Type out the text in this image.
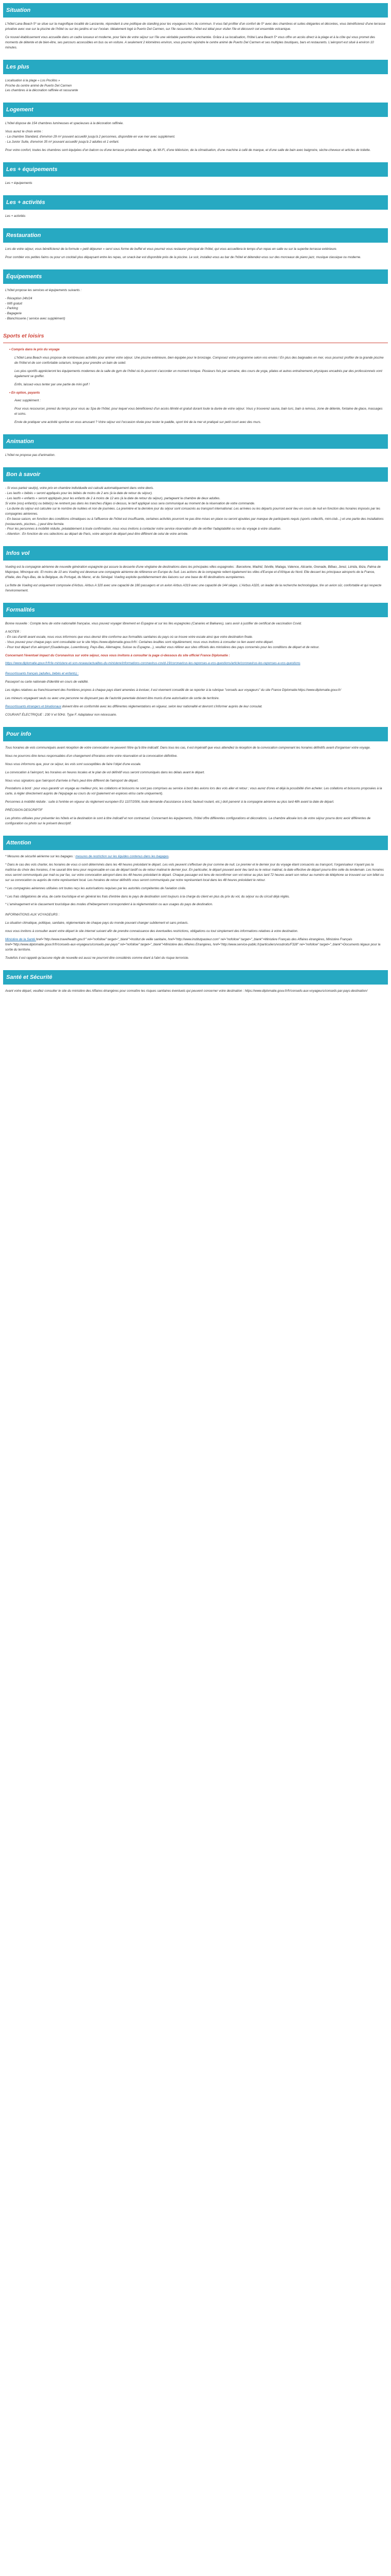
Situation

L'hôtel Lana Beach 5* se situe sur la magnifique localité de Lanzarote, répondant à une politique de standing pour les voyageurs hors du commun. Il vous fait profiter d'un confort de 5* avec des chambres et suites élégantes et décorées, vous bénéficierez d'une terrasse privative avec vue sur la piscine de l'hôtel ou sur les jardins et sur l'océan. Idéalement logé à Puerto Del Carmen, sur l'île rassurante, l'hôtel est idéal pour visiter l'île et découvrir cet ensemble volcanique.

Ce nouvel établissement vous accueille dans un cadre luxueux et moderne, pour faire de votre séjour sur l'île une véritable parenthèse enchantée. Grâce à sa localisation, l'hôtel Lana Beach 5* vous offre un accès direct à la plage et à la côte qui vous promet des moments de détente et de bien-être, ses parcours accessibles en bus ou en voiture. A seulement 2 kilomètres environ, vous pourrez rejoindre le centre animé de Puerto Del Carmen et ses multiples boutiques, bars et restaurants. L'aéroport est situé à environ 10 minutes.

Les plus

Localisation à la plage « Los Pocillos »

Proche du centre animé de Puerto Del Carmen

Les chambres à la décoration raffinée et rassurante

Logement

L'hôtel dispose de 154 chambres lumineuses et spacieuses à la décoration raffinée.

Vous aurez le choix entre :

- La chambre Standard, d'environ 29 m² pouvant accueillir jusqu'à 2 personnes, disponible en vue mer avec supplément.

- La Junior Suite, d'environ 35 m² pouvant accueillir jusqu'à 2 adultes et 1 enfant.

Pour votre confort, toutes les chambres sont équipées d'un balcon ou d'une terrasse privative aménagé, du Wi-Fi, d'une télévision, de la climatisation, d'une machine à café de marque, et d'une salle de bain avec baignoire, sèche-cheveux et articles de toilette.

Les + équipements

Les + équipements

Les + activités

Les + activités

Restauration

Lors de votre séjour, vous bénéficierez de la formule « petit déjeuner » servi sous forme de buffet et vous pourrez vous restaurer principal de l'hôtel, qui vous accueillera le temps d'un repas en salle ou sur la superbe terrasse extérieure.

Pour combler vos petites faims ou pour un cocktail plus dépaysant entre les repas, un snack-bar est disponible près de la piscine. Le soir, installez-vous au bar de l'hôtel et détendez-vous sur des morceaux de piano jazz, musique classique ou moderne.

Équipements

L'hôtel propose les services et équipements suivants :

- Réception 24h/24

- Wifi gratuit

- Parking

- Bagagerie

- Blanchisserie ( service avec supplément)

Sports et loisirs

• Compris dans le prix du voyage

L'hôtel Lana Beach vous propose de nombreuses activités pour animer votre séjour. Une piscine extérieure, bien équipée pour le bronzage. Composez votre programme selon vos envies ! En plus des baignades en mer, vous pourrez profiter de la grande piscine de l'hôtel et de son confortable solarium, longue pour prendre un bain de soleil.

Les plus sportifs apprécieront les équipements modernes de la salle de gym de l'hôtel où ils pourront s'accorder un moment tonique. Plusieurs fois par semaine, des cours de yoga, pilates et autres entraînements physiques encadrés par des professionnels vont également se greffer.

Enfin, laissez-vous tenter par une partie de mini golf !

• En option, payants

Avec supplément :

Pour vous ressourcer, prenez du temps pour vous au Spa de l'hôtel, pour lequel vous bénéficierez d'un accès illimité et gratuit durant toute la durée de votre séjour. Vous y trouverez sauna, bain turc, bain à remous, zone de détente, fontaine de glace, massages et soins.

Envie de pratiquer une activité sportive en vous amusant ? Votre séjour est l'occasion rêvée pour tester le paddle, sport tiré de la mer et pratiqué sur petit court avec des murs.

Animation

L'hôtel ne propose pas d'animation.

Bon à savoir

- Si vous partez seul(e), votre prix en chambre individuelle est calculé automatiquement dans votre devis.

- Les lastfo « bébés » seront appliqués pour les bébés de moins de 2 ans (à la date de retour du séjour).

- Les lastfo « enfants » seront appliqués pour les enfants de 2 à moins de 12 ans (à la date de retour du séjour), partageant la chambre de deux adultes.

Si votre (vos) enfant(s) ou bébé(s) ne rentrent pas dans les tranches d'âges ci-dessus, le tarif appliqué sous sera communiqué au moment de la réservation de votre commande.

- La durée du séjour est calculée sur le nombre de nuitées et non de journées. La première et la dernière jour du séjour sont consacrés au transport international. Les arrivées ou les départs pourront avoir lieu en cours de nuit en fonction des horaires imposés par les compagnies aériennes.

- En basse saison, en fonction des conditions climatiques ou à l'affluence de l'hôtel est insuffisante, certaines activités pourront ne pas être mises en place ou seront ajoutées par manque de participants requis (sports collectifs, mini-club...) et une partie des installations (restaurants, piscines...) peut être fermée.

- Pour les personnes à mobilité réduite, préalablement à toute confirmation, nous vous invitons à contacter notre service réservation afin de vérifier l'adaptabilité ou non du voyage à votre situation.

- Attention : En fonction de vos sélections au départ de Paris, votre aéroport de départ peut être différent de celui de votre arrivée.

Infos vol

Vueling est la compagnie aérienne de nouvelle génération espagnole qui assure la desserte d'une vingtaine de destinations dans les principales villes espagnoles : Barcelone, Madrid, Séville, Malaga, Valence, Alicante, Grenade, Bilbao, Jerez, Lérida, Ibiza, Palma de Majorque, Minorque etc. Et moins de 10 ans Vueling est devenue une compagnie aérienne de référence en Europe du Sud. Les actions de la compagnie relient également les villes d'Europe et d'Afrique du Nord. Elle dessert les principaux aéroports de la France, d'Italie, des Pays-Bas, de la Belgique, du Portugal, du Maroc, et du Sénégal. Vueling exploite quotidiennement des liaisons sur une base de 40 destinations européennes.

La flotte de Vueling est uniquement composée d'Airbus. Airbus A 320 avec une capacité de 180 passagers et un avion Airbus A319 avec une capacité de 144 sièges. L'Airbus A320, un leader de la recherche technologique, tire un avion sûr, confortable et qui respecte l'environnement.

Formalités

Bonne nouvelle : Compte tenu de votre nationalité française, vous pouvez voyager librement en Espagne et sur les îles espagnoles (Canaries et Baléares), sans avoir à justifier de certificat de vaccination Covid.

A NOTER :

- En cas d'arrêt avant escale, nous vous informons que vous devrez être conforme aux formalités sanitaires du pays où se trouve votre escale ainsi que votre destination finale.

- Vous pouvez pour chaque pays sont consultable sur le site https://www.diplomatie.gouv.fr/fr/. Certaines lesdites sont régulièrement, nous vous invitons à consulter ce lien avant votre départ.

- Pour tout départ d'un aéroport (Guadeloupe, Luxembourg, Pays-Bas, Allemagne, Suisse ou Espagne...), veuillez vous référer aux sites officiels des ministères des pays concernés pour les conditions de départ et de retour.

Concernant l'éventuel impact du Coronavirus sur votre séjour, nous vous invitons à consulter la page ci-dessous du site officiel France Diplomatie :

https://www.diplomatie.gouv.fr/fr/le-ministere-et-son-reseau/actualites-du-ministere/informations-coronavirus-covid-19/coronavirus-les-reponses-a-vos-questions/article/coronavirus-les-reponses-a-vos-questions

Ressortissants français (adultes, bébés et enfants) :

Passeport ou carte nationale d'identité en cours de validité.

Les règles relatives au franchissement des frontières propres à chaque pays étant amenées à évoluer, il est vivement conseillé de se reporter à la rubrique "conseils aux voyageurs" du site France Diplomatie:https://www.diplomatie.gouv.fr/

Les mineurs voyageant seuls ou avec une personne ne disposant pas de l'autorité parentale doivent être munis d'une autorisation de sortie de territoire.

Ressortissants étrangers et binationaux doivent être en conformité avec les différentes réglementations en vigueur, selon leur nationalité et devront s'informer auprès de leur consulat.

COURANT ÉLECTRIQUE : 230 V et 50Hz. Type F. Adaptateur non nécessaire.

Pour info

Tous horaires de vols communiqués avant réception de votre convocation ne peuvent l'être qu'à titre indicatif. Dans tous les cas, il est impératif que vous attendiez la réception de la convocation comprenant les horaires définitifs avant d'organiser votre voyage.

Nous ne pourrons être tenus responsables d'un changement d'horaires entre votre réservation et la convocation définitive.

Nous vous informons que, pour ce séjour, les vols sont susceptibles de faire l'objet d'une escale.

La convocation à l'aéroport, les horaires en heures locales et le plan de vol définitif vous seront communiqués dans les délais avant le départ.

Nous vous signalons que l'aéroport d'arrivée à Paris peut être différent de l'aéroport de départ.

Prestations à bord : pour vous garantir un voyage au meilleur prix, les collations et boissons ne sont pas comprises au service à bord des avions lors des vols aller et retour ; vous aurez d'ores et déjà la possibilité d'en acheter. Les collations et boissons proposées à la carte, à régler directement auprès de l'équipage au cours du vol (paiement en espèces et/ou carte uniquement).

Personnes à mobilité réduite : suite à l'entrée en vigueur du règlement européen EU 1107/2006, toute demande d'assistance à bord, fauteuil roulant, etc.) doit parvenir à la compagnie aérienne au plus tard 48h avant la date de départ.

PRÉCISION DESCRIPTIF

Les photos utilisées pour présenter les hôtels et la destination le sont à titre indicatif et non contractuel. Concernant les équipements, l'hôtel offre différentes configurations et décorations. La chambre allouée lors de votre séjour pourra donc avoir différentes de configuration ou photo sur le présent descriptif.

Attention

* Mesures de sécurité aérienne sur les bagages : mesures de restriction sur les liquides contenus dans les bagages.

* Dans le cas des vols charter, les horaires de vous ci-sont déterminés dans les 48 heures précédant le départ. Les vols peuvent s'effectuer de jour comme de nuit. Le premier et le dernier jour du voyage étant consacrés au transport, l'organisateur n'ayant pas la maîtrise du choix des horaires, il ne saurait être tenu pour responsable en cas de départ tardif ou de retour matinal le dernier jour. En particulier, le départ pouvant avoir lieu tard ou le retour matinal, la date effective de départ pourra être celle du lendemain. Les horaires vous seront communiqués par mail ou par fax, sur votre convocation aéroport dans les 48 heures précédant le départ. Chaque passager est tenu de reconfirmer son vol retour au plus tard 72 heures avant son retour au numéro de téléphone se trouvant sur son billet ou sur sa convocation ou auprès de notre représentant local. Les horaires de retour définitifs vous seront communiqués par notre représentant local dans les 48 heures précédant le retour.

* Les compagnies aériennes utilisées ont toutes reçu les autorisations requises par les autorités compétentes de l'aviation civile.

* Les frais obligatoires de visa, de carte touristique et en général les frais d'entrée dans le pays de destination sont toujours à la charge du client en plus du prix du vol, du séjour ou du circuit déjà réglés.

* L'aménagement et le classement touristique des modes d'hébergement correspondent à la réglementation ou aux usages du pays de destination.

INFORMATIONS AUX VOYAGEURS :

La situation climatique, politique, sanitaire, réglementaire de chaque pays du monde pouvant changer subitement et sans préavis.

nous vous invitons à consulter avant votre départ le site internet suivant afin de prendre connaissance des éventuelles restrictions, obligations ou tout simplement des informations relatives à votre destination.

Ministère de la Santé href="http://www.travelhealth.gov.fr" rel="nofollow" target="_blank">Institut de veille sanitaire, href="http://www.institutpasteur.com" rel="nofollow" target="_blank">Ministère Français des Affaires étrangères, Ministère Français href="http://www.diplomatie.gouv.fr/fr/conseils-aux-voyageurs/conseils-par-pays/" rel="nofollow" target="_blank">Ministère des Affaires Etrangères, href="http://www.service-public.fr/particuliers/vosdroits/F328" rel="nofollow" target="_blank">Documents légaux pour la sortie du territoire.

Toutefois il est rappelé qu'aucune règle de nouvelle est aussi ne pourront être considérés comme étant à l'abri du risque terroriste.

Santé et Sécurité

Avant votre départ, veuillez consulter le site du ministère des Affaires étrangères pour connaître les risques sanitaires éventuels qui peuvent concerner votre destination : https://www.diplomatie.gouv.fr/fr/conseils-aux-voyageurs/conseils-par-pays-destination/
